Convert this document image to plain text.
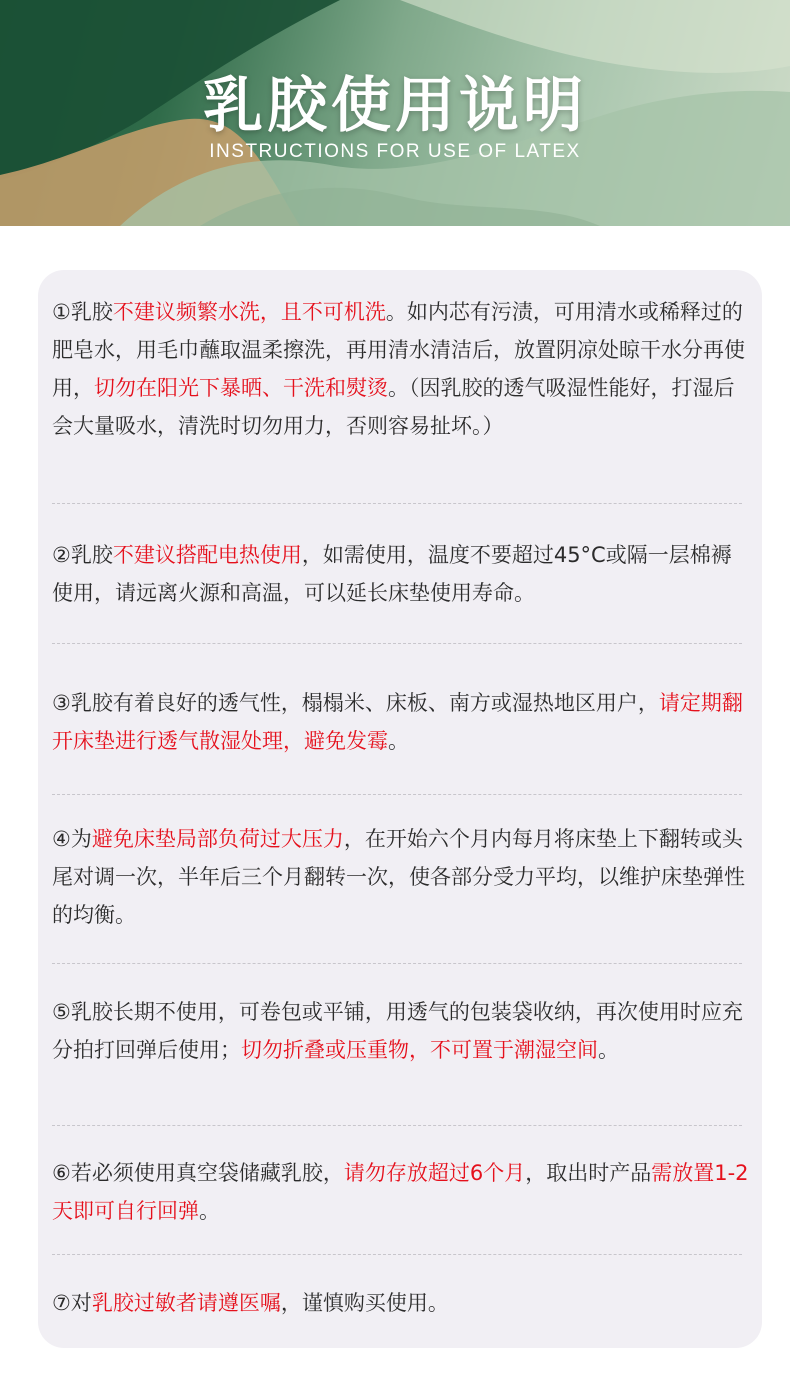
乳胶使用说明
INSTRUCTIONS FOR USE OF LATEX
①乳胶不建议频繁水洗，且不可机洗。如内芯有污渍，可用清水或稀释过的肥皂水，用毛巾蘸取温柔擦洗，再用清水清洁后，放置阴凉处晾干水分再使用，切勿在阳光下暴晒、干洗和熨烫。（因乳胶的透气吸湿性能好，打湿后会大量吸水，清洗时切勿用力，否则容易扯坏。）
②乳胶不建议搭配电热使用，如需使用，温度不要超过45°C或隔一层棉褥使用，请远离火源和高温，可以延长床垫使用寿命。
③乳胶有着良好的透气性，榻榻米、床板、南方或湿热地区用户，请定期翻开床垫进行透气散湿处理，避免发霉。
④为避免床垫局部负荷过大压力，在开始六个月内每月将床垫上下翻转或头尾对调一次，半年后三个月翻转一次，使各部分受力平均，以维护床垫弹性的均衡。
⑤乳胶长期不使用，可卷包或平铺，用透气的包装袋收纳，再次使用时应充分拍打回弹后使用；切勿折叠或压重物，不可置于潮湿空间。
⑥若必须使用真空袋储藏乳胶，请勿存放超过6个月，取出时产品需放置1-2天即可自行回弹。
⑦对乳胶过敏者请遵医嘱，谨慎购买使用。
